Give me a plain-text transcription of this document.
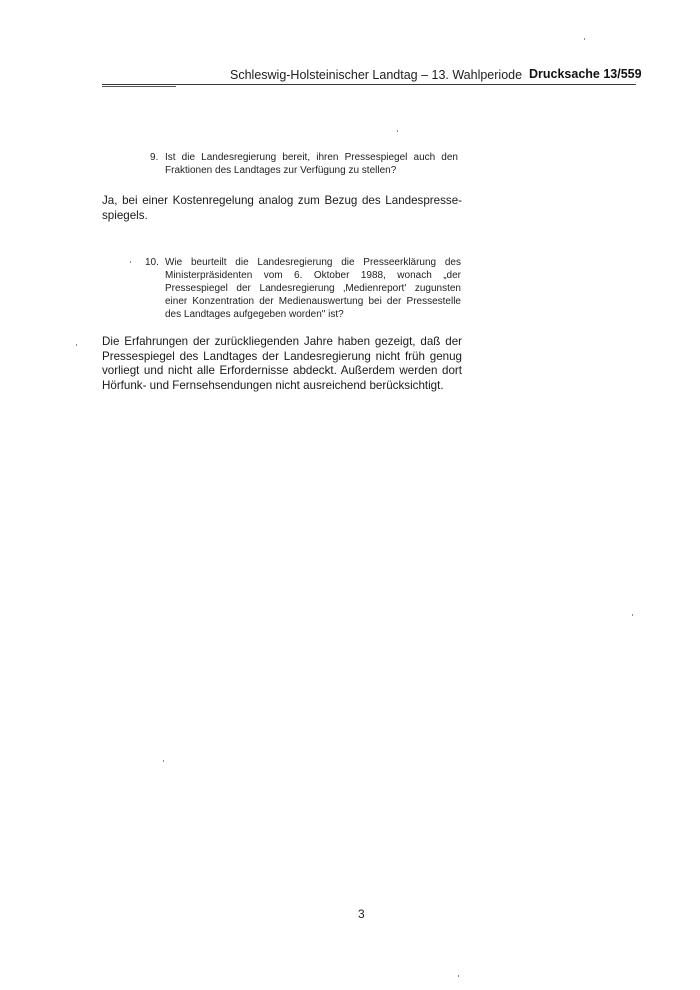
Schleswig-Holsteinischer Landtag – 13. Wahlperiode Drucksache 13/559
9. Ist die Landesregierung bereit, ihren Pressespiegel auch den Fraktionen des Landtages zur Verfügung zu stellen?
Ja, bei einer Kostenregelung analog zum Bezug des Landespresse-spiegels.
10. Wie beurteilt die Landesregierung die Presseerklärung des Ministerpräsidenten vom 6. Oktober 1988, wonach „der Pressespiegel der Landesregierung ‚Medienreport' zugunsten einer Konzentration der Medienauswertung bei der Pressestelle des Landtages aufgegeben worden" ist?
Die Erfahrungen der zurückliegenden Jahre haben gezeigt, daß der Pressespiegel des Landtages der Landesregierung nicht früh genug vorliegt und nicht alle Erfordernisse abdeckt. Außerdem werden dort Hörfunk- und Fernsehsendungen nicht ausreichend berücksichtigt.
3
